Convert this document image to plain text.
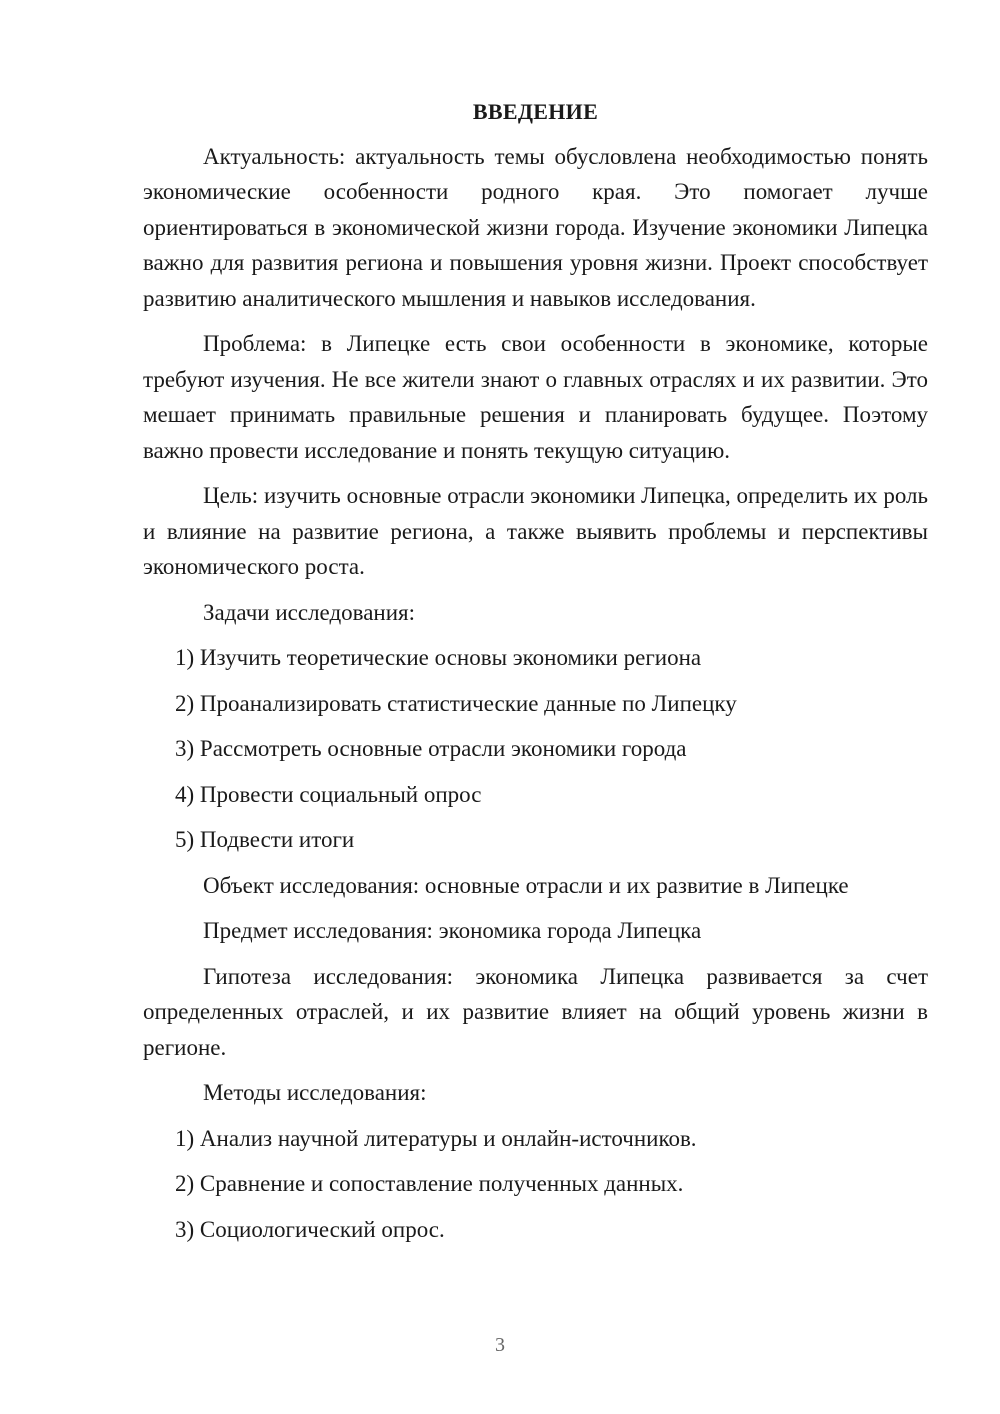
ВВЕДЕНИЕ

Актуальность: актуальность темы обусловлена необходимостью понять экономические особенности родного края. Это помогает лучше ориентироваться в экономической жизни города. Изучение экономики Липецка важно для развития региона и повышения уровня жизни. Проект способствует развитию аналитического мышления и навыков исследования.

Проблема: в Липецке есть свои особенности в экономике, которые требуют изучения. Не все жители знают о главных отраслях и их развитии. Это мешает принимать правильные решения и планировать будущее. Поэтому важно провести исследование и понять текущую ситуацию.

Цель: изучить основные отрасли экономики Липецка, определить их роль и влияние на развитие региона, а также выявить проблемы и перспективы экономического роста.

Задачи исследования:
1) Изучить теоретические основы экономики региона
2) Проанализировать статистические данные по Липецку
3) Рассмотреть основные отрасли экономики города
4) Провести социальный опрос
5) Подвести итоги
Объект исследования: основные отрасли и их развитие в Липецке
Предмет исследования: экономика города Липецка

Гипотеза исследования: экономика Липецка развивается за счет определенных отраслей, и их развитие влияет на общий уровень жизни в регионе.

Методы исследования:
1) Анализ научной литературы и онлайн-источников.
2) Сравнение и сопоставление полученных данных.
3) Социологический опрос.
3
